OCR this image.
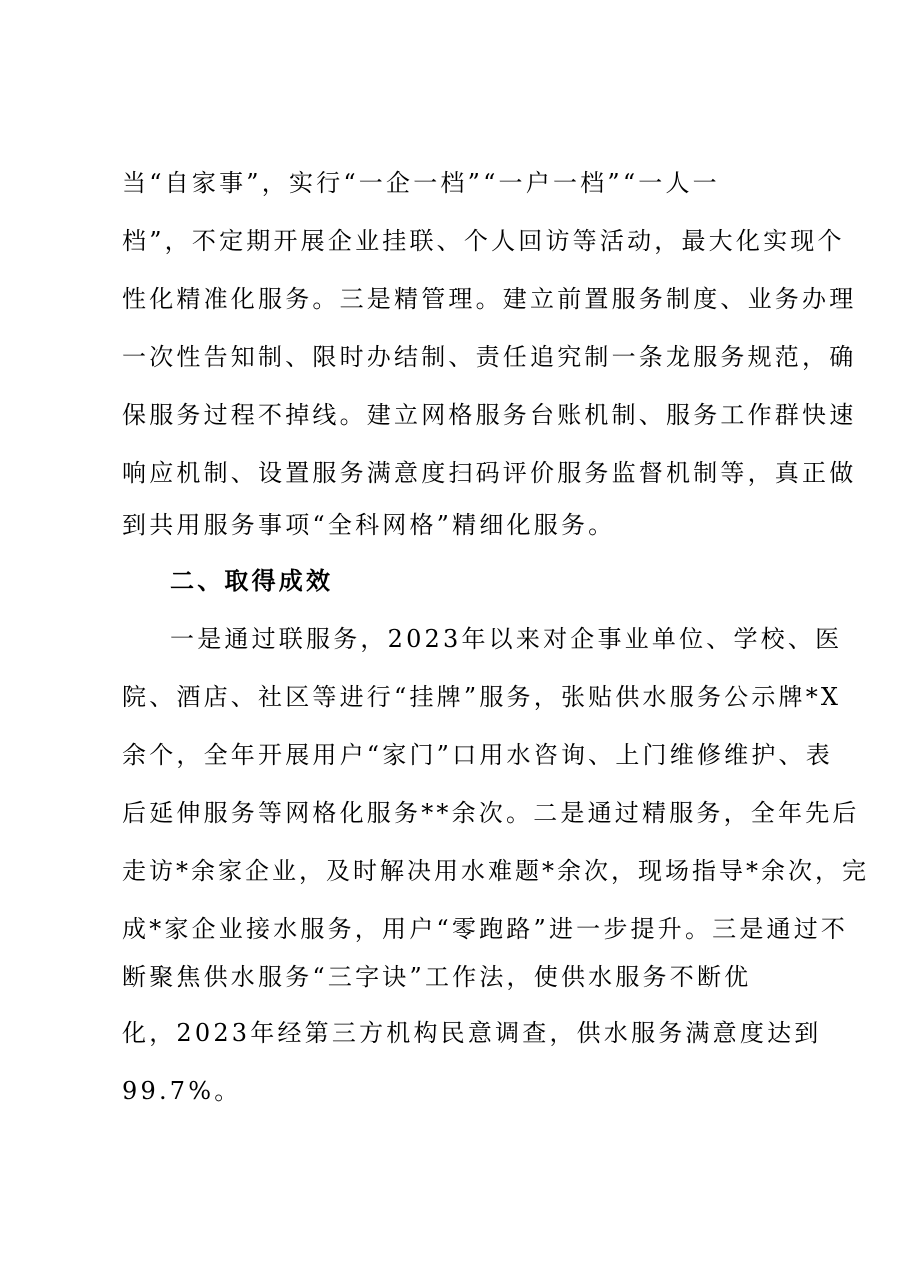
当“自家事”，实行“一企一档”“一户一档”“一人一
档”，不定期开展企业挂联、个人回访等活动，最大化实现个
性化精准化服务。三是精管理。建立前置服务制度、业务办理
一次性告知制、限时办结制、责任追究制一条龙服务规范，确
保服务过程不掉线。建立网格服务台账机制、服务工作群快速
响应机制、设置服务满意度扫码评价服务监督机制等，真正做
到共用服务事项“全科网格”精细化服务。
二、取得成效
一是通过联服务，2023年以来对企事业单位、学校、医
院、酒店、社区等进行“挂牌”服务，张贴供水服务公示牌*X
余个，全年开展用户“家门”口用水咨询、上门维修维护、表
后延伸服务等网格化服务**余次。二是通过精服务，全年先后
走访*余家企业，及时解决用水难题*余次，现场指导*余次，完
成*家企业接水服务，用户“零跑路”进一步提升。三是通过不
断聚焦供水服务“三字诀”工作法，使供水服务不断优
化，2023年经第三方机构民意调查，供水服务满意度达到
99.7%。
